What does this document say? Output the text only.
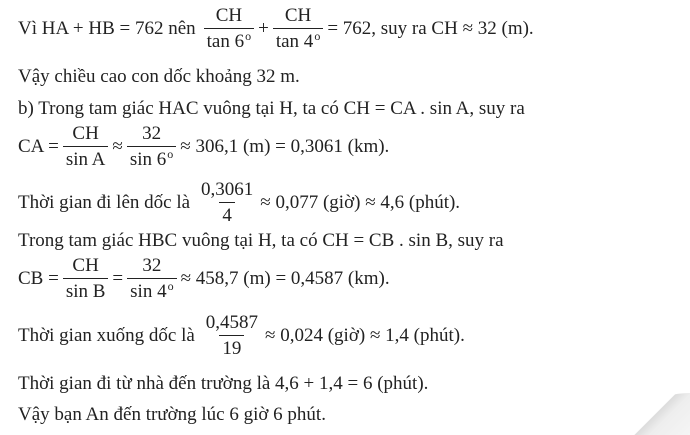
Vì HA + HB = 762 nên $\frac{CH}{\tan 6^o} + \frac{CH}{\tan 4^o} = 762$, suy ra CH ≈ 32 (m).
Vậy chiều cao con dốc khoảng 32 m.
b) Trong tam giác HAC vuông tại H, ta có CH = CA . sin A, suy ra
CA = $\frac{CH}{\text{sin A}} \approx \frac{32}{\sin 6^o} \approx 306,1$ (m) = 0,3061 (km).
Thời gian đi lên dốc là $\frac{0,3061}{4} \approx 0,077$ (giờ) ≈ 4,6 (phút).
Trong tam giác HBC vuông tại H, ta có CH = CB . sin B, suy ra
CB = $\frac{CH}{\text{sin B}} = \frac{32}{\sin 4^o} \approx 458,7$ (m) = 0,4587 (km).
Thời gian xuống dốc là $\frac{0,4587}{19} \approx 0,024$ (giờ) ≈ 1,4 (phút).
Thời gian đi từ nhà đến trường là 4,6 + 1,4 = 6 (phút).
Vậy bạn An đến trường lúc 6 giờ 6 phút.
